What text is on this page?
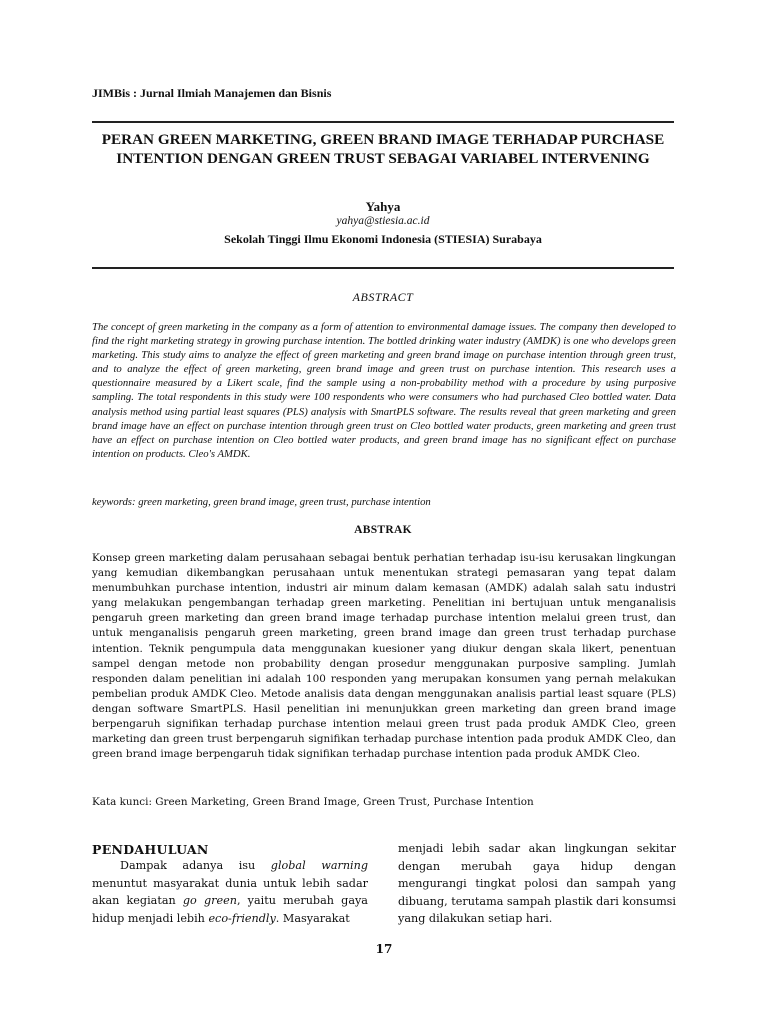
JIMBis : Jurnal Ilmiah Manajemen dan Bisnis
PERAN GREEN MARKETING, GREEN BRAND IMAGE TERHADAP PURCHASE INTENTION DENGAN GREEN TRUST SEBAGAI VARIABEL INTERVENING
Yahya
yahya@stiesia.ac.id
Sekolah Tinggi Ilmu Ekonomi Indonesia (STIESIA) Surabaya
ABSTRACT

The concept of green marketing in the company as a form of attention to environmental damage issues. The company then developed to find the right marketing strategy in growing purchase intention. The bottled drinking water industry (AMDK) is one who develops green marketing. This study aims to analyze the effect of green marketing and green brand image on purchase intention through green trust, and to analyze the effect of green marketing, green brand image and green trust on purchase intention. This research uses a questionnaire measured by a Likert scale, find the sample using a non-probability method with a procedure by using purposive sampling. The total respondents in this study were 100 respondents who were consumers who had purchased Cleo bottled water. Data analysis method using partial least squares (PLS) analysis with SmartPLS software. The results reveal that green marketing and green brand image have an effect on purchase intention through green trust on Cleo bottled water products, green marketing and green trust have an effect on purchase intention on Cleo bottled water products, and green brand image has no significant effect on purchase intention on products. Cleo's AMDK.

keywords: green marketing, green brand image, green trust, purchase intention
ABSTRAK

Konsep green marketing dalam perusahaan sebagai bentuk perhatian terhadap isu-isu kerusakan lingkungan yang kemudian dikembangkan perusahaan untuk menentukan strategi pemasaran yang tepat dalam menumbuhkan purchase intention, industri air minum dalam kemasan (AMDK) adalah salah satu industri yang melakukan pengembangan terhadap green marketing. Penelitian ini bertujuan untuk menganalisis pengaruh green marketing dan green brand image terhadap purchase intention melalui green trust, dan untuk menganalisis pengaruh green marketing, green brand image dan green trust terhadap purchase intention. Teknik pengumpula data menggunakan kuesioner yang diukur dengan skala likert, penentuan sampel dengan metode non probability dengan prosedur menggunakan purposive sampling. Jumlah responden dalam penelitian ini adalah 100 responden yang merupakan konsumen yang pernah melakukan pembelian produk AMDK Cleo. Metode analisis data dengan menggunakan analisis partial least square (PLS) dengan software SmartPLS. Hasil penelitian ini menunjukkan green marketing dan green brand image berpengaruh signifikan terhadap purchase intention melaui green trust pada produk AMDK Cleo, green marketing dan green trust berpengaruh signifikan terhadap purchase intention pada produk AMDK Cleo, dan green brand image berpengaruh tidak signifikan terhadap purchase intention pada produk AMDK Cleo.

Kata kunci: Green Marketing, Green Brand Image, Green Trust, Purchase Intention
PENDAHULUAN

Dampak adanya isu global warning menuntut masyarakat dunia untuk lebih sadar akan kegiatan go green, yaitu merubah gaya hidup menjadi lebih eco-friendly. Masyarakat

menjadi lebih sadar akan lingkungan sekitar dengan merubah gaya hidup dengan mengurangi tingkat polosi dan sampah yang dibuang, terutama sampah plastik dari konsumsi yang dilakukan setiap hari.

17
